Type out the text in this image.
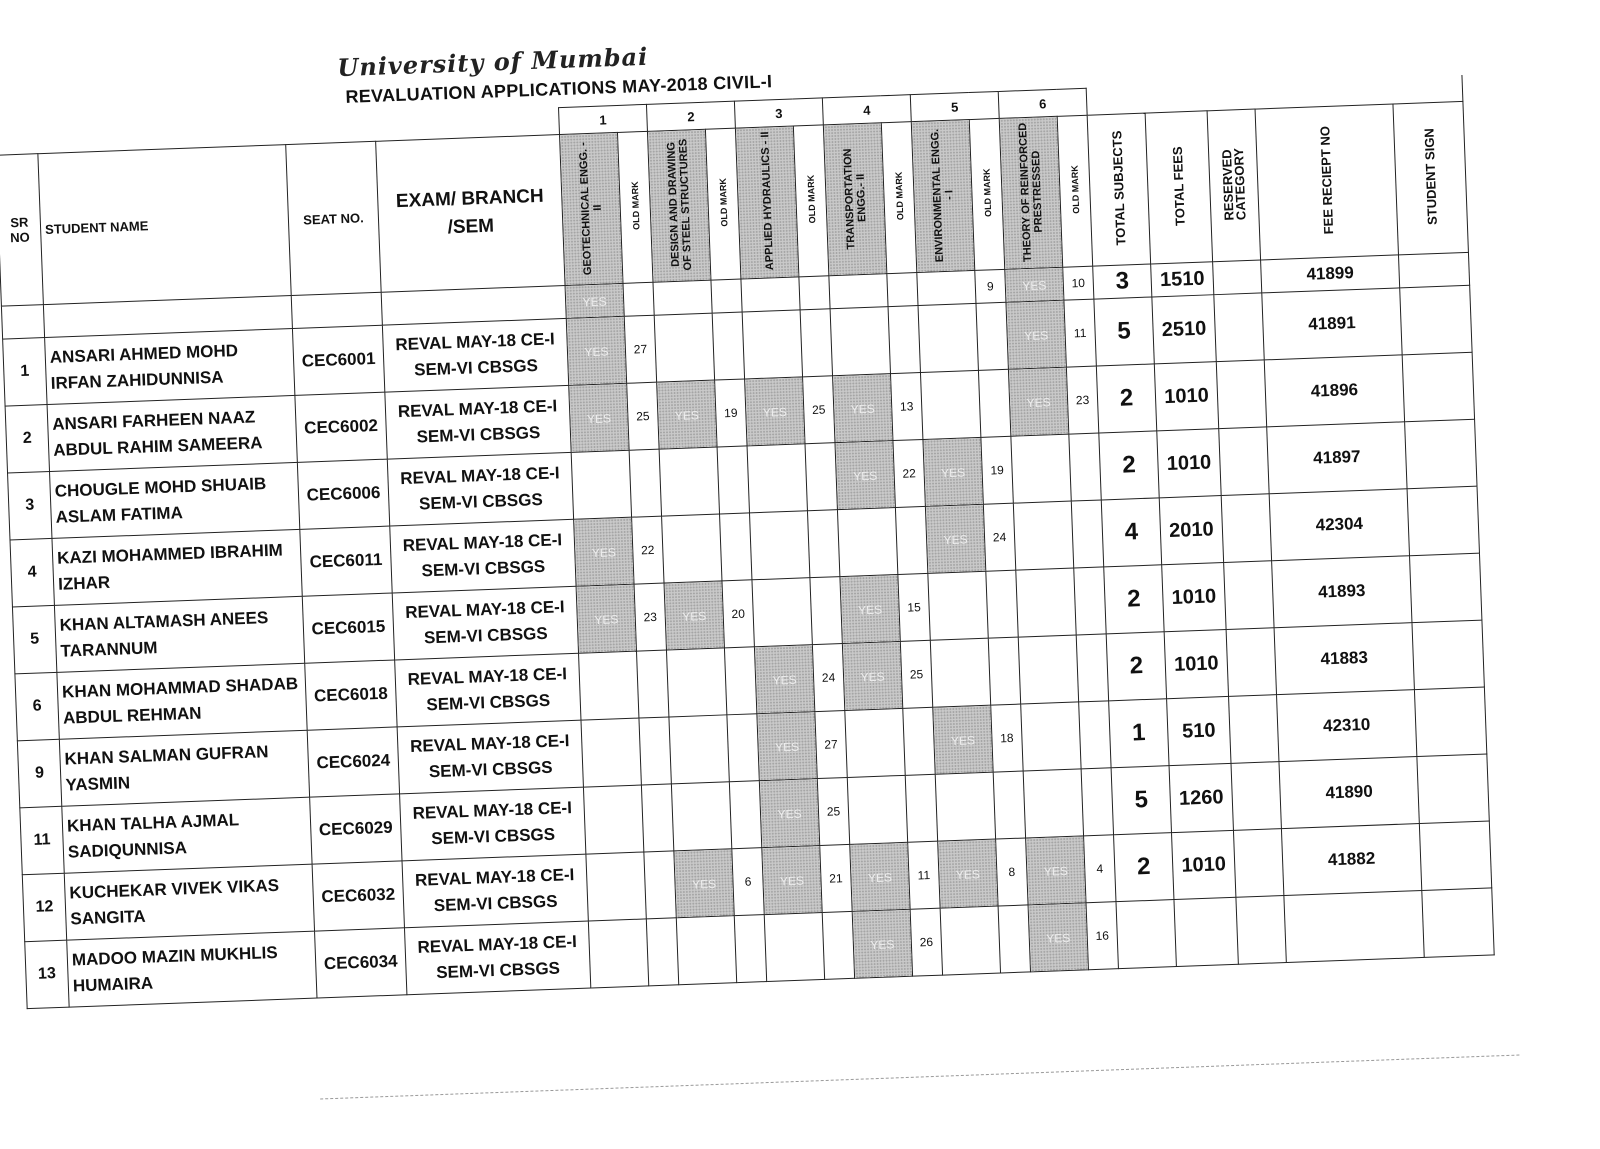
University of Mumbai
REVALUATION APPLICATIONS MAY-2018 CIVIL-I
				1		2		3		4		5		6						
SR NO	STUDENT NAME	SEAT NO.	EXAM/ BRANCH /SEM	GEOTECHNICAL ENGG. - II	OLD MARK	DESIGN AND DRAWING OF STEEL STRUCTURES	OLD MARK	APPLIED HYDRAULICS - II	OLD MARK	TRANSPORTATION ENGG.- II	OLD MARK	ENVIRONMENTAL ENGG. - I	OLD MARK	THEORY OF REINFORCED PRESTRESSED	OLD MARK	TOTAL SUBJECTS	TOTAL FEES	RESERVED CATEGORY	FEE RECIEPT NO	STUDENT SIGN
				YES									9	YES	10	3	1510		41899	
1	ANSARI AHMED MOHD IRFAN ZAHIDUNNISA	CEC6001	REVAL MAY-18 CE-I SEM-VI CBSGS	YES	27									YES	11	5	2510		41891	
2	ANSARI FARHEEN NAAZ ABDUL RAHIM SAMEERA	CEC6002	REVAL MAY-18 CE-I SEM-VI CBSGS	YES	25	YES	19	YES	25	YES	13			YES	23	2	1010		41896	
3	CHOUGLE MOHD SHUAIB ASLAM FATIMA	CEC6006	REVAL MAY-18 CE-I SEM-VI CBSGS							YES	22	YES	19			2	1010		41897	
4	KAZI MOHAMMED IBRAHIM IZHAR	CEC6011	REVAL MAY-18 CE-I SEM-VI CBSGS	YES	22							YES	24			4	2010		42304	
5	KHAN ALTAMASH ANEES TARANNUM	CEC6015	REVAL MAY-18 CE-I SEM-VI CBSGS	YES	23	YES	20			YES	15					2	1010		41893	
6	KHAN MOHAMMAD SHADAB ABDUL REHMAN	CEC6018	REVAL MAY-18 CE-I SEM-VI CBSGS					YES	24	YES	25					2	1010		41883	
9	KHAN SALMAN GUFRAN YASMIN	CEC6024	REVAL MAY-18 CE-I SEM-VI CBSGS					YES	27			YES	18			1	510		42310	
11	KHAN TALHA AJMAL SADIQUNNISA	CEC6029	REVAL MAY-18 CE-I SEM-VI CBSGS					YES	25							5	1260		41890	
12	KUCHEKAR VIVEK VIKAS SANGITA	CEC6032	REVAL MAY-18 CE-I SEM-VI CBSGS			YES	6	YES	21	YES	11	YES	8	YES	4	2	1010		41882	
13	MADOO MAZIN MUKHLIS HUMAIRA	CEC6034	REVAL MAY-18 CE-I SEM-VI CBSGS							YES	26			YES	16					
